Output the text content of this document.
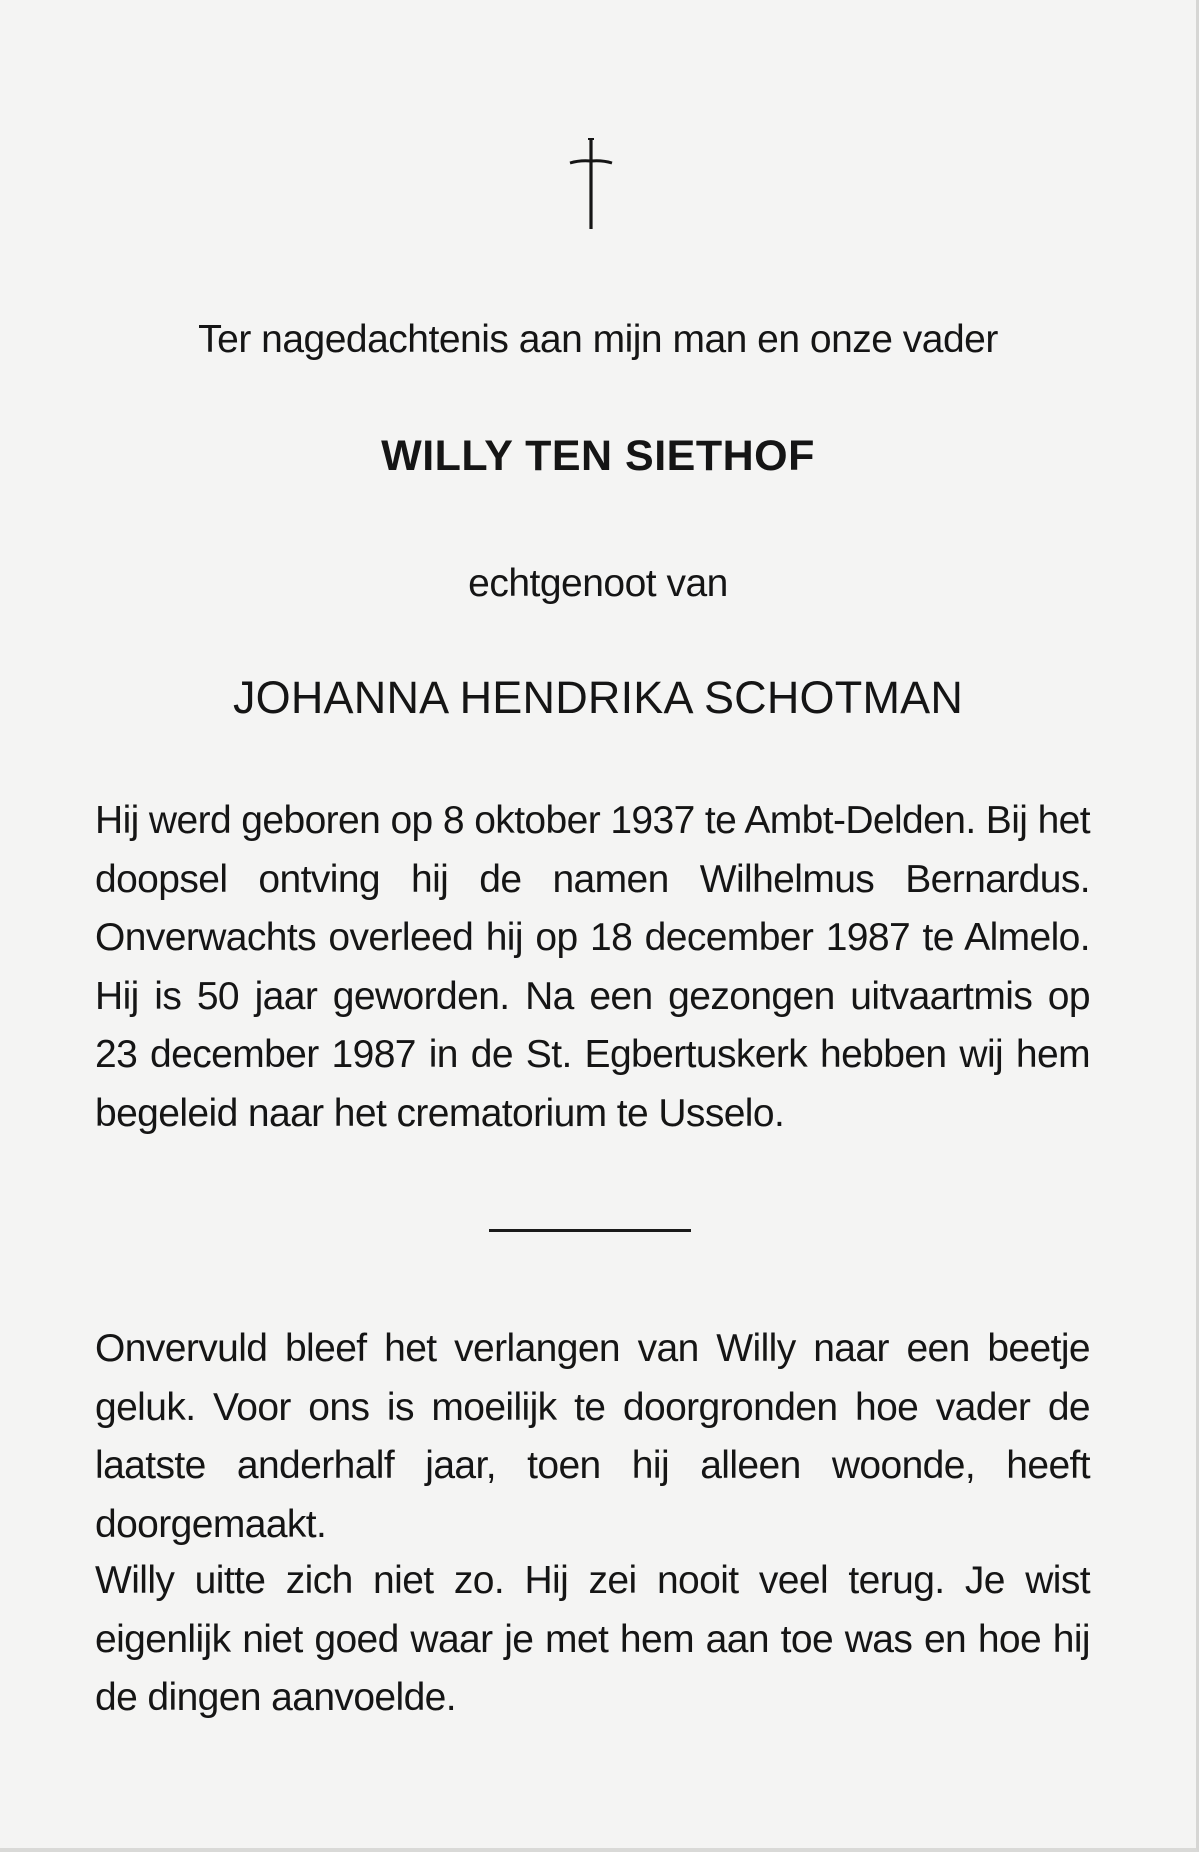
Ter nagedachtenis aan mijn man en onze vader
WILLY TEN SIETHOF
echtgenoot van
JOHANNA HENDRIKA SCHOTMAN
Hij werd geboren op 8 oktober 1937 te Ambt-Delden. Bij het doopsel ontving hij de namen Wilhelmus Bernardus. Onverwachts overleed hij op 18 december 1987 te Almelo. Hij is 50 jaar geworden. Na een gezongen uitvaartmis op 23 december 1987 in de St. Egbertuskerk hebben wij hem begeleid naar het crematorium te Usselo.
Onvervuld bleef het verlangen van Willy naar een beetje geluk. Voor ons is moeilijk te doorgronden hoe vader de laatste anderhalf jaar, toen hij alleen woonde, heeft doorgemaakt.
Willy uitte zich niet zo. Hij zei nooit veel terug. Je wist eigenlijk niet goed waar je met hem aan toe was en hoe hij de dingen aanvoelde.
